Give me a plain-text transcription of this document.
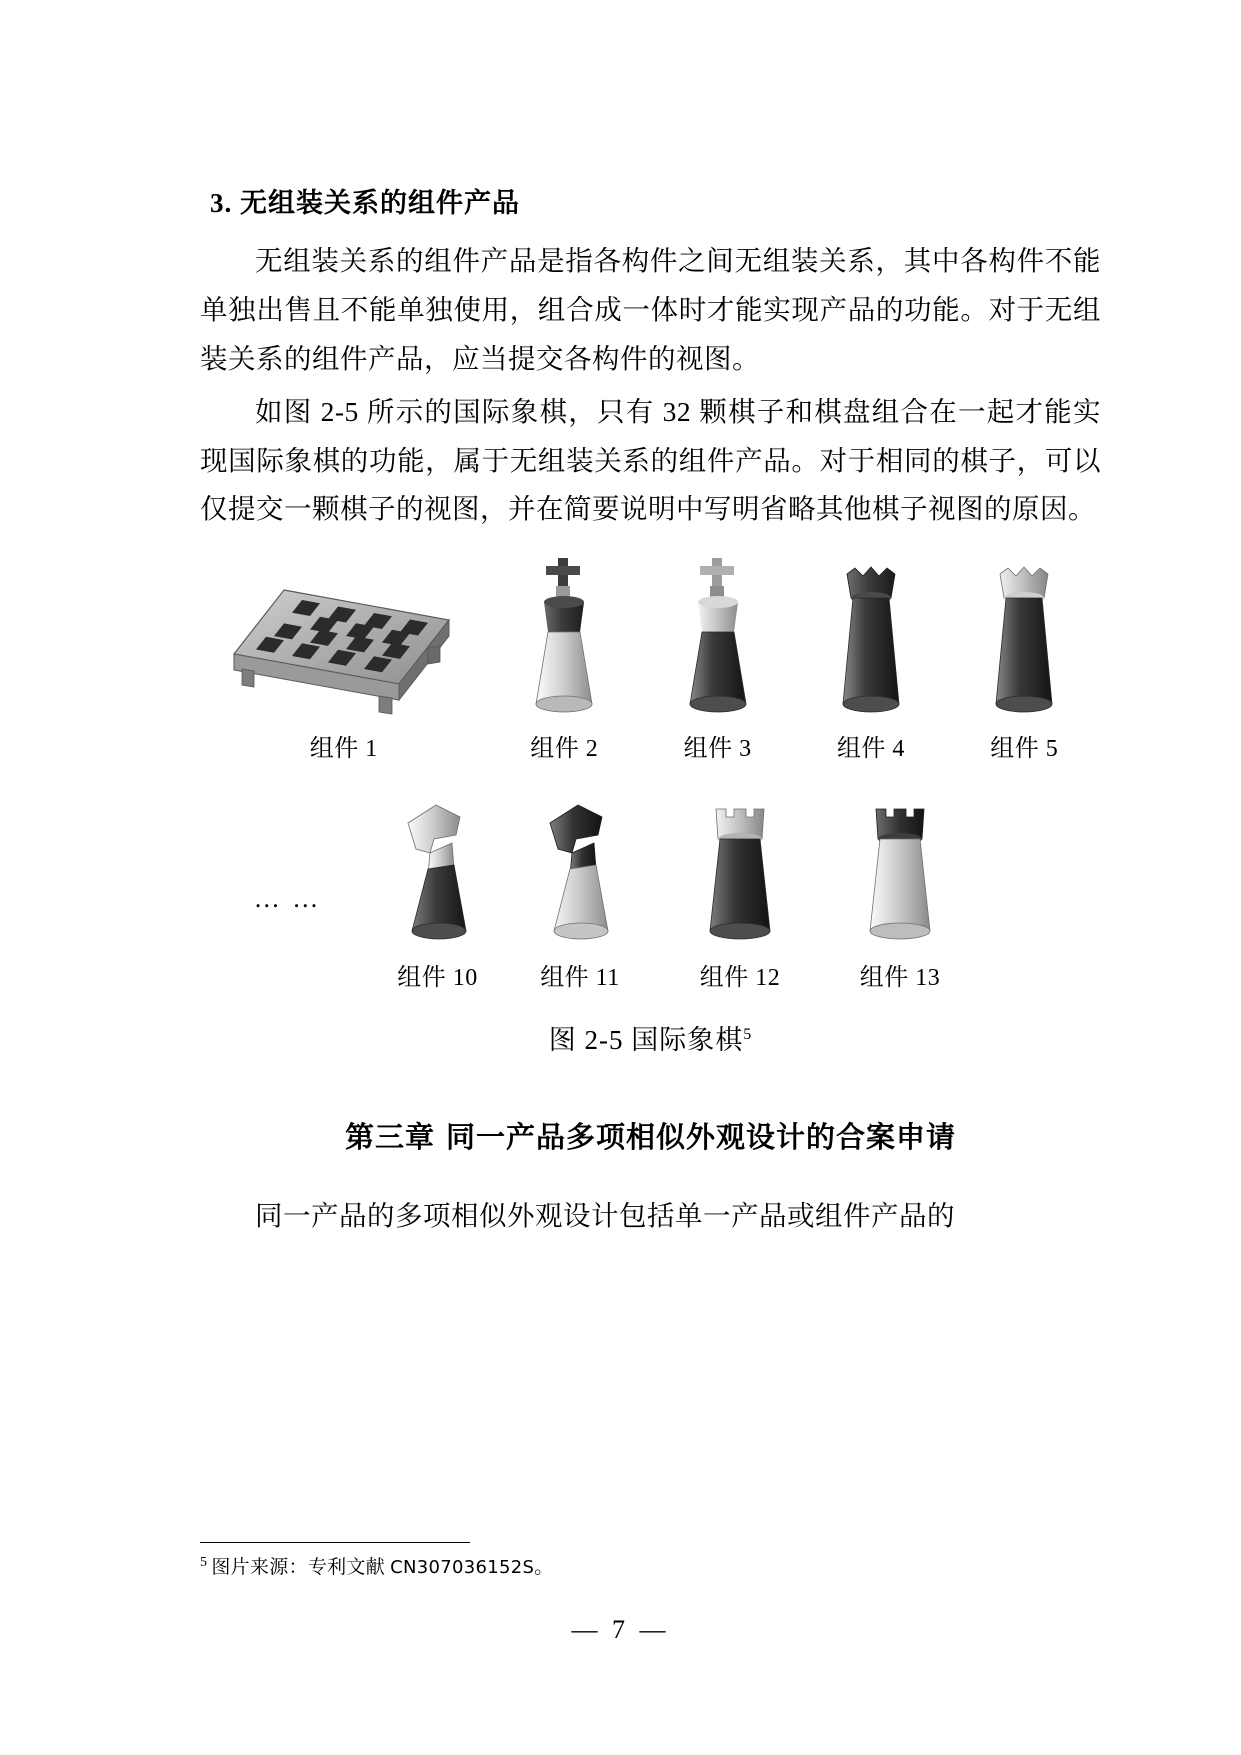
3. 无组装关系的组件产品

无组装关系的组件产品是指各构件之间无组装关系，其中各构件不能单独出售且不能单独使用，组合成一体时才能实现产品的功能。对于无组装关系的组件产品，应当提交各构件的视图。

如图 2-5 所示的国际象棋，只有 32 颗棋子和棋盘组合在一起才能实现国际象棋的功能，属于无组装关系的组件产品。对于相同的棋子，可以仅提交一颗棋子的视图，并在简要说明中写明省略其他棋子视图的原因。

组件 1	组件 2	组件 3	组件 4	组件 5
… …
组件 10	组件 11	组件 12	组件 13
图 2-5 国际象棋$^5$
第三章 同一产品多项相似外观设计的合案申请

同一产品的多项相似外观设计包括单一产品或组件产品的

$^5$ 图片来源：专利文献 CN307036152S。
— 7 —
